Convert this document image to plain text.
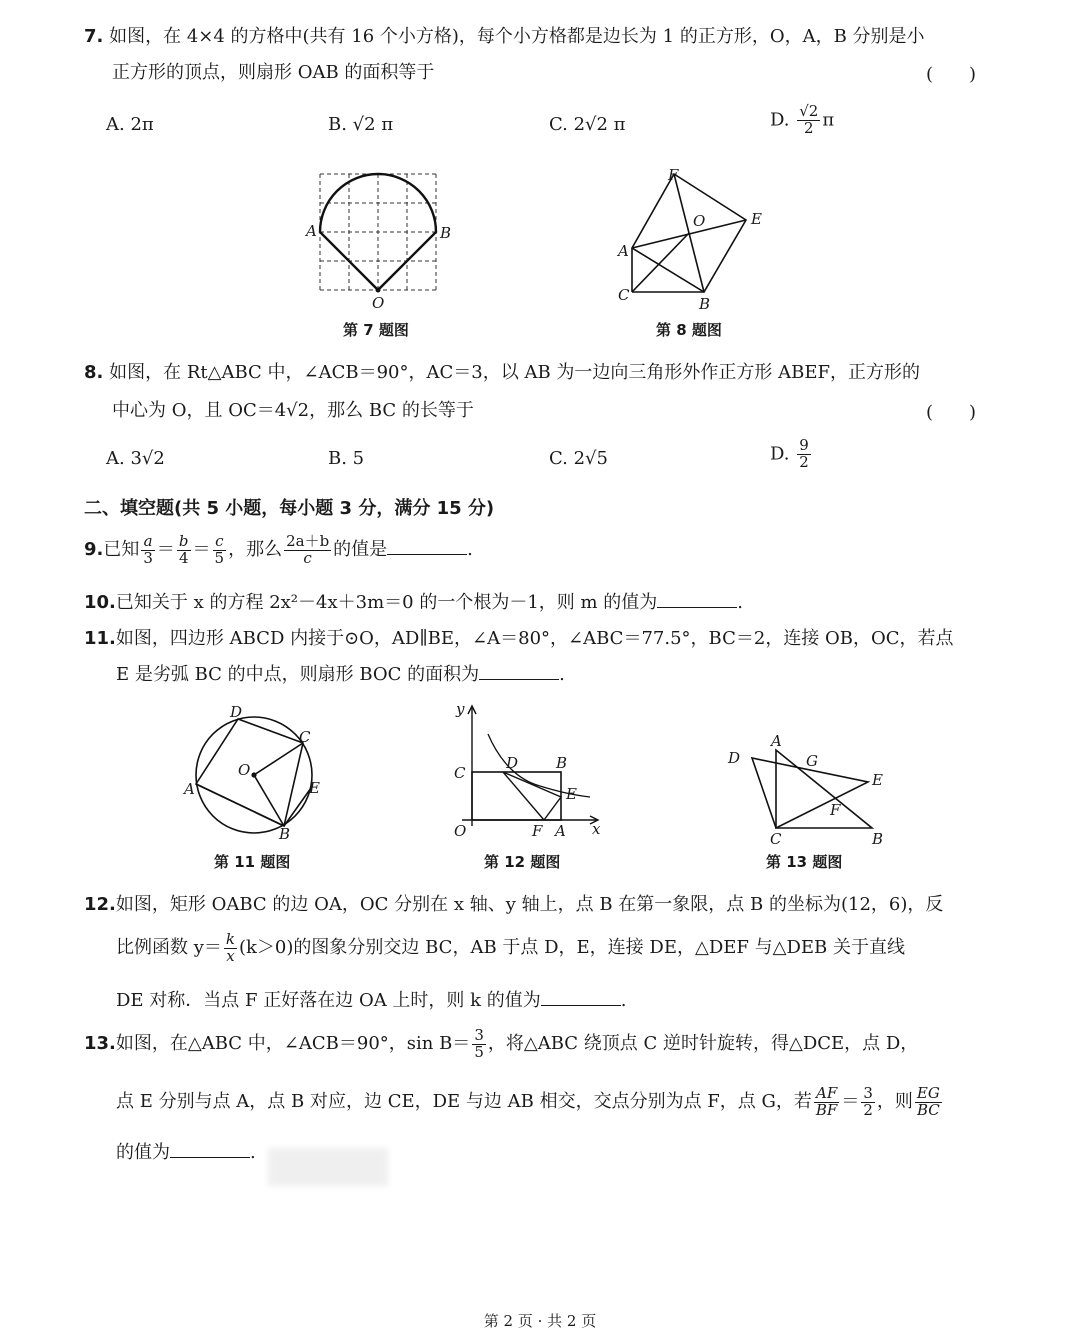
7. 如图，在 4×4 的方格中(共有 16 个小方格)，每个小方格都是边长为 1 的正方形，O，A，B 分别是小
正方形的顶点，则扇形 OAB 的面积等于	(　　)
A. 2π	B. √2 π	C. 2√2 π	D. $\frac{√2}{2}$ π
A	B
O
第 7 题图
F
O	E
A
C	B
第 8 题图
8. 如图，在 Rt△ABC 中，∠ACB＝90°，AC＝3，以 AB 为一边向三角形外作正方形 ABEF，正方形的
中心为 O，且 OC＝4√2，那么 BC 的长等于	(　　)
A. 3√2	B. 5	C. 2√5	D. $\frac{9}{2}$
二、填空题(共 5 小题，每小题 3 分，满分 15 分)
9.已知 $\frac{a}{3} = \frac{b}{4} = \frac{c}{5}$ ，那么 $\frac{2a+b}{c}$ 的值是	.
10.已知关于 x 的方程 2x²－4x＋3m＝0 的一个根为－1，则 m 的值为	.
11.如图，四边形 ABCD 内接于⊙O，AD∥BE，∠A＝80°，∠ABC＝77.5°，BC＝2，连接 OB，OC，若点
E 是劣弧 BC 的中点，则扇形 BOC 的面积为	.
D
C
O
A	E
B
第 11 题图
y
C
D	B
E
O	F A x
第 12 题图
D
A
G
E
F
C	B
第 13 题图
12.如图，矩形 OABC 的边 OA，OC 分别在 x 轴、y 轴上，点 B 在第一象限，点 B 的坐标为(12，6)，反
比例函数 $y= \frac{k}{x} (k>0)$的图象分别交边 BC，AB 于点 D，E，连接 DE，△DEF 与△DEB 关于直线
DE 对称．当点 F 正好落在边 OA 上时，则 k 的值为	.
13.如图，在△ABC 中，∠ACB＝90°，$\sin B= \frac{3}{5}$ ，将△ABC 绕顶点 C 逆时针旋转，得△DCE，点 D，
点 E 分别与点 A，点 B 对应，边 CE，DE 与边 AB 相交，交点分别为点 F，点 G，若 $\frac{AF}{BF} = \frac{3}{2}$ ，则 $\frac{EG}{BC}$
的值为	.
第 2 页 · 共 2 页
